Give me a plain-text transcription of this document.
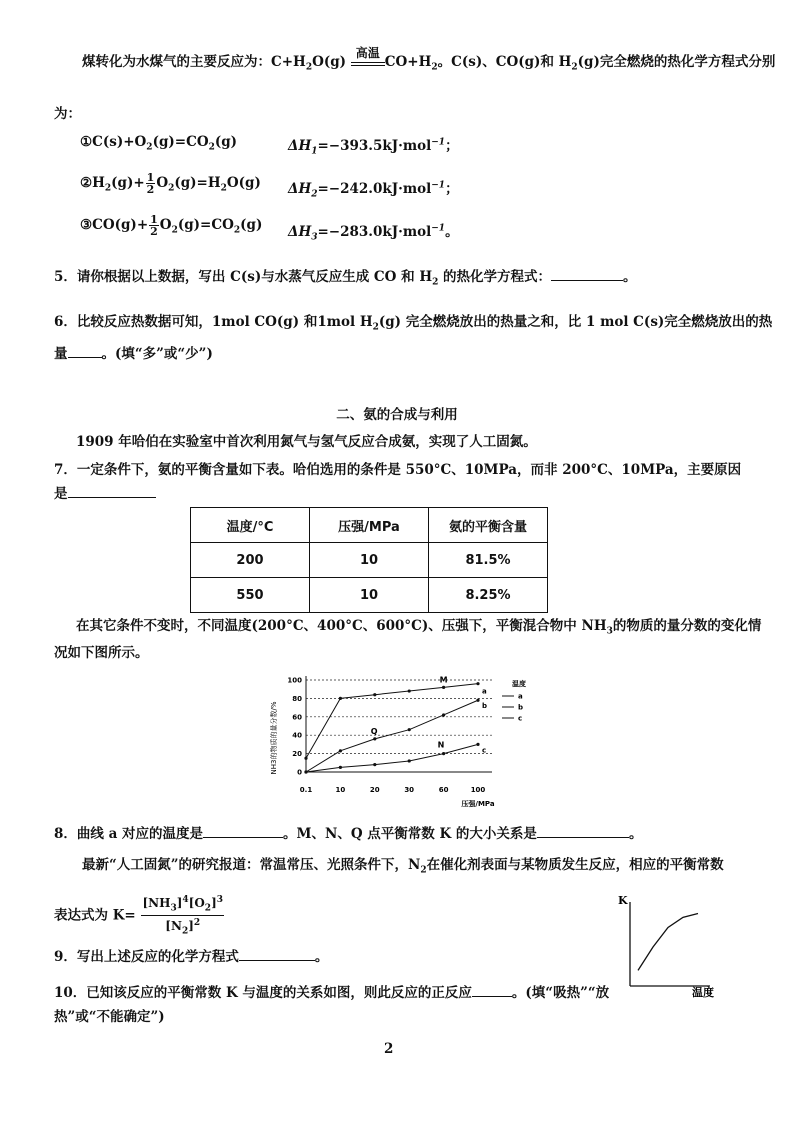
煤转化为水煤气的主要反应为：$C+H_2O(g)$
高温
$CO+H_2$。C(s)、CO(g)和 $H_2(g)$完全燃烧的热化学方程式分别
为：
$①C(s)+O_2(g)=CO_2(g)$	$\Delta H_1=-393.5kJ\cdot mol^{-1}$；
$②H_2(g)+ \frac{1}{2} O_2(g)=H_2O(g)$ $\Delta H_2=-242.0kJ\cdot mol^{-1}$；
③CO(g)+ $\frac{1}{2} O_2(g)=CO_2(g)$ $\Delta H_3=-283.0kJ\cdot mol^{-1}$。
5．请你根据以上数据，写出 C(s)与水蒸气反应生成 CO 和 $H_2$ 的热化学方程式：	。
6．比较反应热数据可知，1mol CO(g) 和1mol $H_2(g)$ 完全燃烧放出的热量之和，比 1 mol C(s)完全燃烧放出的热
量	。(填“多”或“少”)
二、氨的合成与利用
1909 年哈伯在实验室中首次利用氮气与氢气反应合成氨，实现了人工固氮。
7．一定条件下，氨的平衡含量如下表。哈伯选用的条件是 550°C、10MPa，而非 200°C、10MPa，主要原因
是
温度/°C	压强/MPa	氨的平衡含量
200	10	81.5%
550	10	8.25%
在其它条件不变时，不同温度(200°C、400°C、600°C)、压强下，平衡混合物中 $NH_3$的物质的量分数的变化情
况如下图所示。
NH3的物质的量分数/%
压强/MPa
温度
0
20
40
60
80
100
0.1	10	20	30	60	100
a
b
c
a
b
c
Q
M
N
8．曲线 a 对应的温度是	。M、N、Q 点平衡常数 K 的大小关系是	。
最新“人工固氮”的研究报道：常温常压、光照条件下，$N_2$在催化剂表面与某物质发生反应，相应的平衡常数
表达式为 $K= \frac{[NH_3]^4[O_2]^3}{[N_2]^2}$	K
温度
9．写出上述反应的化学方程式	。
10．已知该反应的平衡常数 K 与温度的关系如图，则此反应的正反应	。(填“吸热”“放
热”或“不能确定”)
2
